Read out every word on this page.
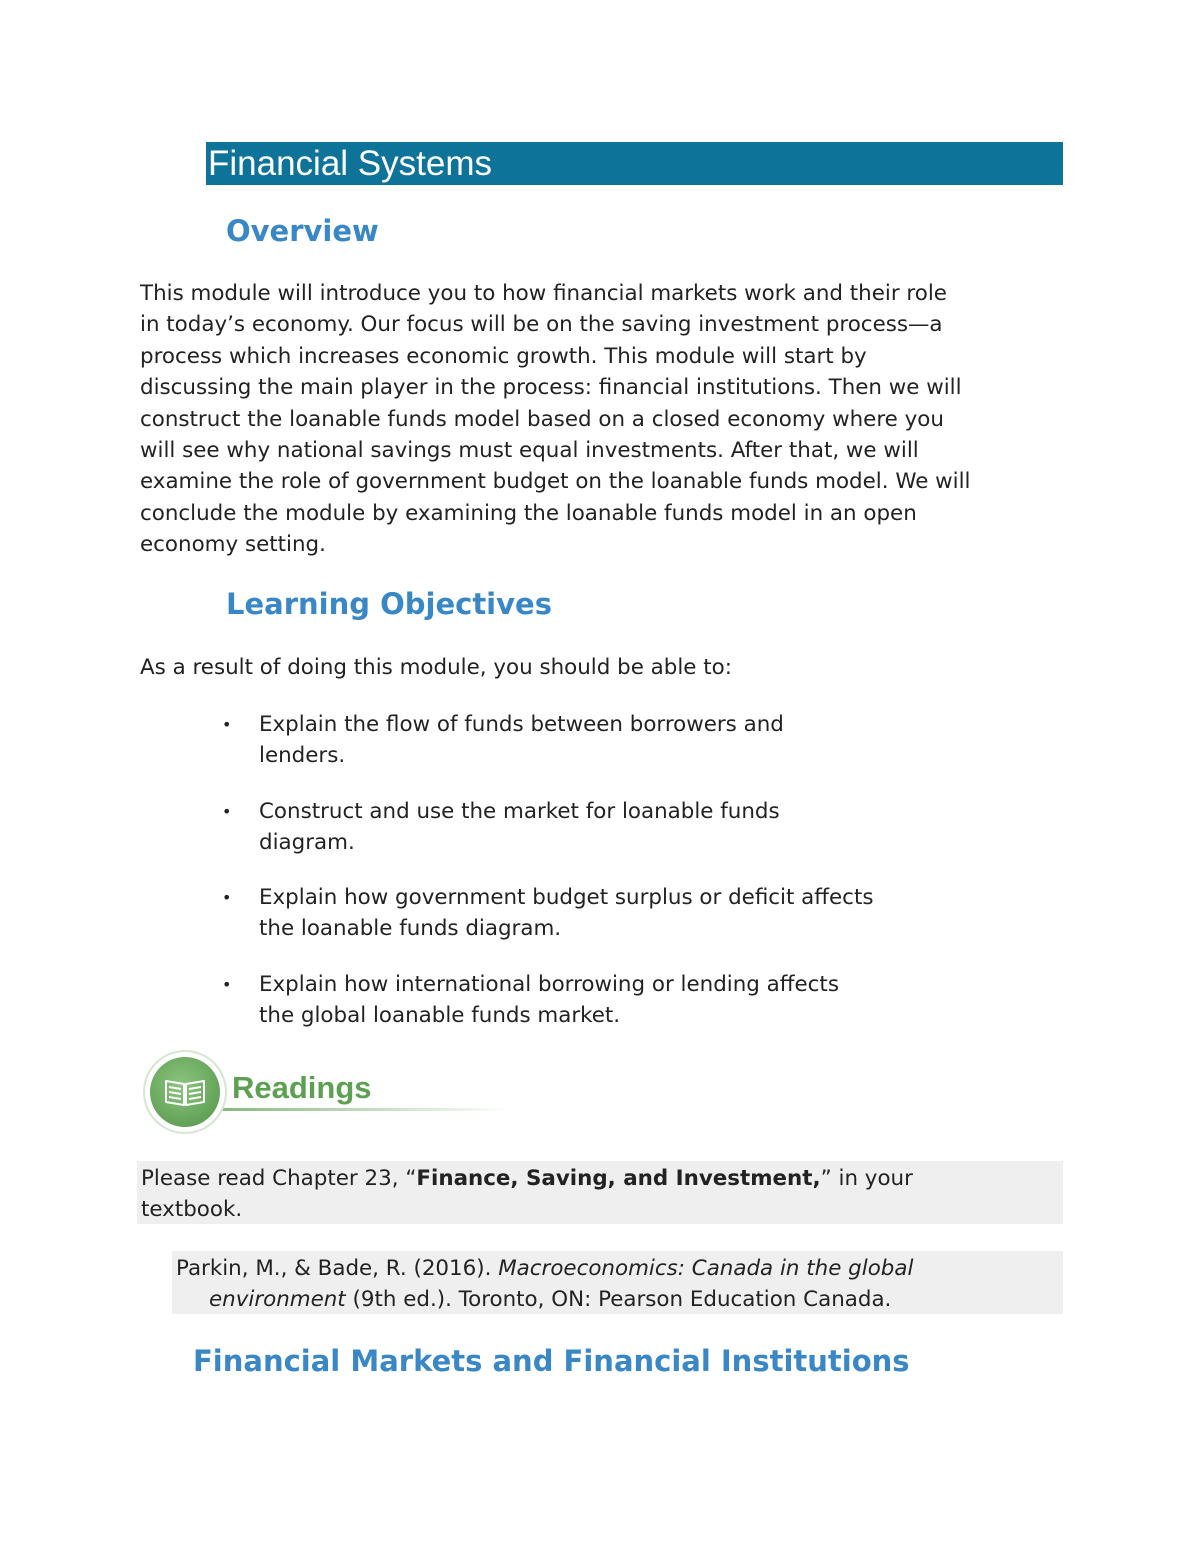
Financial Systems
Overview
This module will introduce you to how financial markets work and their role
in today’s economy. Our focus will be on the saving investment process—a
process which increases economic growth. This module will start by
discussing the main player in the process: financial institutions. Then we will
construct the loanable funds model based on a closed economy where you
will see why national savings must equal investments. After that, we will
examine the role of government budget on the loanable funds model. We will
conclude the module by examining the loanable funds model in an open
economy setting.
Learning Objectives
As a result of doing this module, you should be able to:
•	Explain the flow of funds between borrowers and
lenders.
•	Construct and use the market for loanable funds
diagram.
•	Explain how government budget surplus or deficit affects
the loanable funds diagram.
•	Explain how international borrowing or lending affects
the global loanable funds market.
Readings
Please read Chapter 23, “Finance, Saving, and Investment,” in your
textbook.
Parkin, M., & Bade, R. (2016). Macroeconomics: Canada in the global
environment (9th ed.). Toronto, ON: Pearson Education Canada.
Financial Markets and Financial Institutions
